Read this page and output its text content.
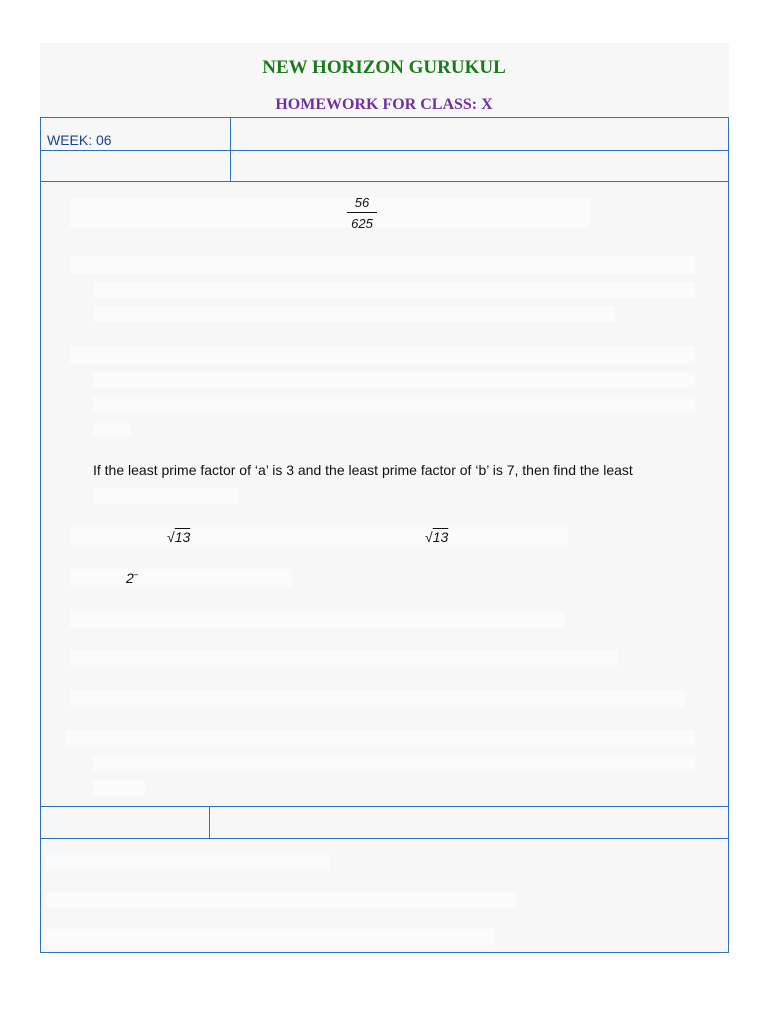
NEW HORIZON GURUKUL
HOMEWORK FOR CLASS: X
WEEK: 06
56
625
If the least prime factor of ‘a’ is 3 and the least prime factor of ‘b’ is 7, then find the least
√13	√13
2–
